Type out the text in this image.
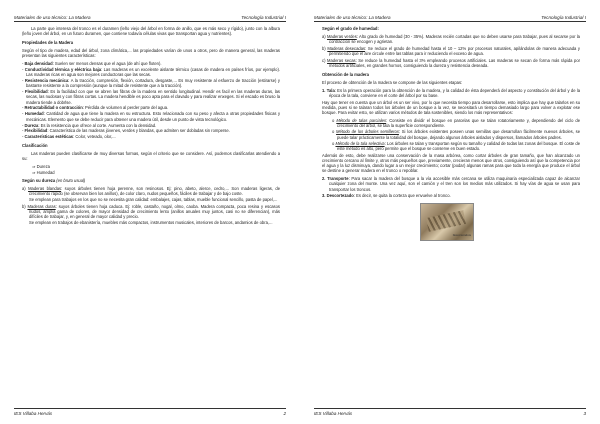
Materiales de uso técnico: La Madera	Tecnología Industrial I

La parte que interesa del tronco es el duramen (leño viejo del árbol en forma de anillo, que es más seco y rígido), junto con la albura (leño joven del árbol, en un futuro duramen, que contiene todavía células vivas que transportan agua y nutrientes).

Propiedades de la Madera

Según el tipo de madera, edad del árbol, zona climática,... las propiedades varían de unos a otros, pero de manera general, las maderas presentan las siguientes características:

- Baja densidad: Suelen ser menos densas que el agua (de ahí que floten).
- Conductividad térmica y eléctrica baja: Las maderas es un excelente aislante térmico (casas de madera en países fríos, por ejemplo). Las maderas ricas en agua son mejores conductoras que las secas.
- Resistencia mecánica: A la tracción, compresión, flexión, cortadura, desgaste,... Es muy resistente al esfuerzo de tracción (estirarse) y bastante resistente a la compresión (aunque la mitad de resistente que a la tracción).
- Flexibilidad: Es la facilidad con que se abren las fibras de la madera en sentido longitudinal. Hendir es facil en las maderas duras, las secas, las nudosas y con fibras cortas. La madera hendible es poco apta para el clavado y para realizar enxeges. Si el escado es bruso la madera tiende a dobrlse.
- Retractabilidad o contracción: Pérdida de volumen al perder parte del agua.
- Humedad: Cantidad de agua que tiene la madera en su estructura. Esto relacionada con su peso y afecta a otras propiedades físicas y mecánicas. Elemento que se debe reducir para obtener una madera útil, desde un punto de vista tecnológico.
- Dureza: Es la resistencia que ofrece al corte. Aumenta con la densidad.
- Flexibilidad: Característica de las maderas jóvenes, verdes y blandas, que admiten ser dobladas sin romperse.
- Características estéticas: Color, veteado, olor,...
Clasificación

Las maderas pueden clasificarse de muy diversas formas, según el criterio que se considere. Así, podemos clasificarlas atendiendo a su:

⇒ Dureza
⇒ Humedad
Según su dureza (en bruto usual)
a) Maderas blandas: suyos árboles tienen hoja perenne, son resinosos. Ej: pino, abeto, alerce, cedro,... Son maderas ligeras, de crecimiento rápido (se observan bien los anillos), de color claro, nudos pequeños, fáciles de trabajar y de bajo coste.
Se emplean para trabajos en los que no se necesita gran calidad: embalajes, cajas, tablas, mueble funcional sencillo, pasta de papel,...
b) Maderas duras: suyos árboles tienen hoja caduca. Ej: roble, castaño, nogal, olmo, caoba. Madera compacta, poca resina y escasos nudos, amplia gama de colores, de mayor densidad de crecimiento lento (anillos anuales muy juntos, casi no se diferencian), más difíciles de trabajar, y, en general de mayor calidad y precio.
Se emplean en trabajos de ebanistería, muebles más compactos, instrumentos musicales, interiores de barcos, andamios de obra,...
IES Villaba Hervás	2
Materiales de uso técnico: La Madera	Tecnología Industrial I
Según el grado de humedad:
a) Maderas verdes: Alto grado de humedad (30 - 35%). Maderas recién cortadas que no deben usarse para trabajar, pues al secarse por la contracción se encogen y agrietan.
b) Maderas desecadas: Se reduce el grado de humedad hasta el 10 – 12% por procesos naturales, apilándolas de manera adecuada y permitiendo que el aire circule entre las tablas para ir reduciendo el exceso de agua.
c) Maderas secas: Se reduce la humedad hasta el 3% empleando procesos artificiales. Las maderas se secan de forma más rápida por métodos artificiales, en grandes hornos, consiguiendo la dureza y resistencia deseada.
Obtención de la madera

El proceso de obtención de la madera se compone de las siguientes etapas:

1. Tala: Es la primera operación para la obtención de la madera, y la calidad de ésta dependerá del aspecto y constitución del árbol y de la época de la tala, conviene en el corte del árbol por su base.

Hay que tener en cuenta que un árbol es un ser vivo, por lo que necesita tiempo para desarrollarse, esto implica que hay que talarlos en su medida, pues si se talaran todos los árboles de un bosque a la vez, se necesitará un tiempo demasiado largo para volver a explotar ese bosque. Para evitar esto, se utilizan varios métodos de tala sostenibles, siendo los más representativos:

o Método de talas parciales: Consiste en dividir el bosque en parcelas que se talan rotatoriamente y, dependiendo del ciclo de crecimiento del árbol, se tala la superficie correspondiente.
o Método de los árboles semilleros: Si los árboles existentes poseen unas semillas que desarrollan fácilmente nuevos árboles, se puede talar prácticamente la totalidad del bosque, dejando algunos árboles aislados y dispersos, llamados árboles padres.
o Método de la tala selectiva: Los árboles se talan y transportan según su tamaño y calidad de todas las zonas del bosque. El coste de este método es alto, pero permite que el bosque se conserve en buen estado.

Además de esto, debe realizarse una conservación de la masa arbórea, como cortar árboles de gran tamaño, que han alcanzado un crecimiento cercano al límite y, otros más pequeños que, previamente, crecieran menos que otros, consiguiendo así que la competencia por el agua y la luz disminuya, dando lugar a un mejor crecimiento; cortar (podar) algunas ramas para que toda la energía que produce el árbol se destine a generar madera en el tronco o repoblar.

2. Transporte: Para sacar la madera del bosque a la vía accesible más cercana se utiliza maquinaria especializada capaz de alcanzar cualquier zona del monte. Una vez aquí, son el camión y el tren son los medios más utilizados. Si hay vías de agua se usan para transportar los troncos.
3. Descortezado: Es decir, se quita la corteza que envuelve al tronco.
Descortezadora
IES Villaba Hervás	3
